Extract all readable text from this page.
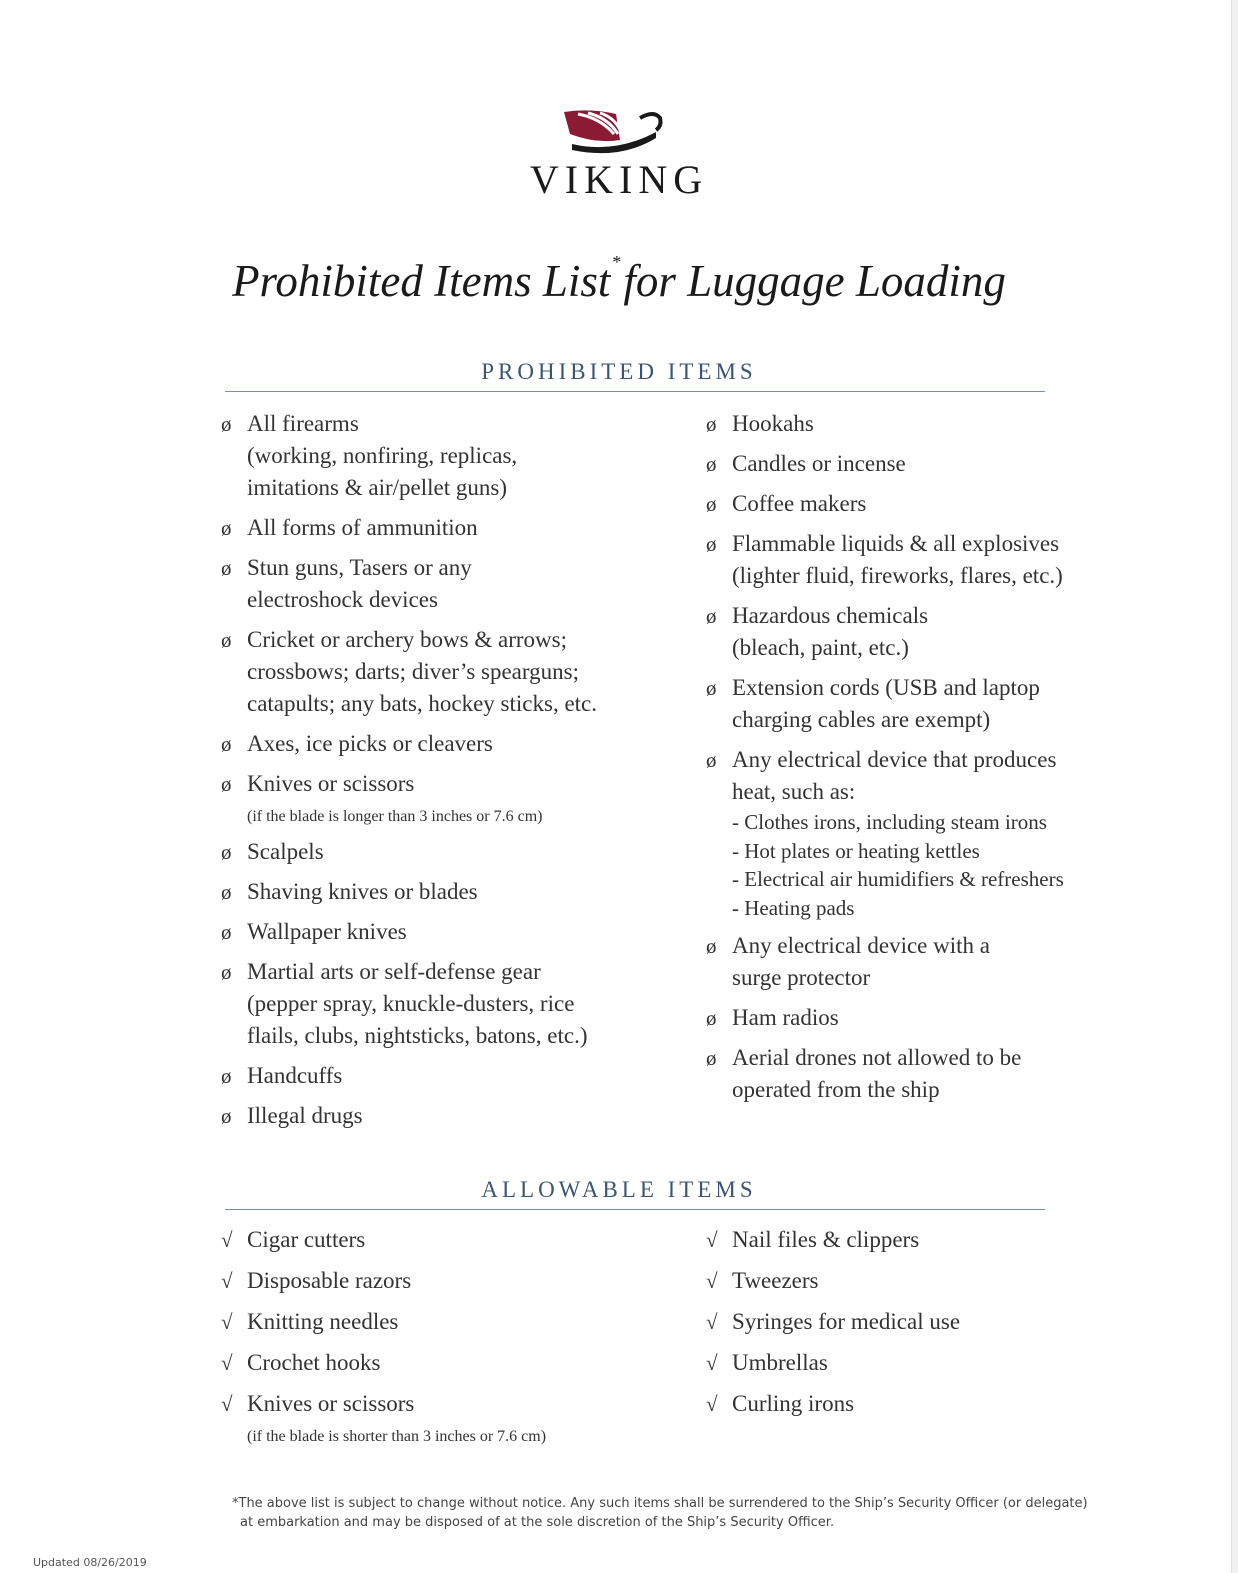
VIKING
Prohibited Items List *for Luggage Loading
PROHIBITED ITEMS
ø All firearms
(working, nonfiring, replicas,
imitations & air/pellet guns)
ø All forms of ammunition
ø Stun guns, Tasers or any
electroshock devices
ø Cricket or archery bows & arrows;
crossbows; darts; diver’s spearguns;
catapults; any bats, hockey sticks, etc.
ø Axes, ice picks or cleavers
ø Knives or scissors
(if the blade is longer than 3 inches or 7.6 cm)
ø Scalpels
ø Shaving knives or blades
ø Wallpaper knives
ø Martial arts or self-defense gear
(pepper spray, knuckle-dusters, rice
flails, clubs, nightsticks, batons, etc.)
ø Handcuffs
ø Illegal drugs
ø Hookahs
ø Candles or incense
ø Coffee makers
ø Flammable liquids & all explosives
(lighter fluid, fireworks, flares, etc.)
ø Hazardous chemicals
(bleach, paint, etc.)
ø Extension cords (USB and laptop
charging cables are exempt)
ø Any electrical device that produces
heat, such as:
- Clothes irons, including steam irons
- Hot plates or heating kettles
- Electrical air humidifiers & refreshers
- Heating pads
ø Any electrical device with a
surge protector
ø Ham radios
ø Aerial drones not allowed to be
operated from the ship
ALLOWABLE ITEMS
√ Cigar cutters
√ Disposable razors
√ Knitting needles
√ Crochet hooks
√ Knives or scissors
(if the blade is shorter than 3 inches or 7.6 cm)
√ Nail files & clippers
√ Tweezers
√ Syringes for medical use
√ Umbrellas
√ Curling irons
*The above list is subject to change without notice. Any such items shall be surrendered to the Ship’s Security Officer (or delegate)
at embarkation and may be disposed of at the sole discretion of the Ship’s Security Officer.
Updated 08/26/2019
